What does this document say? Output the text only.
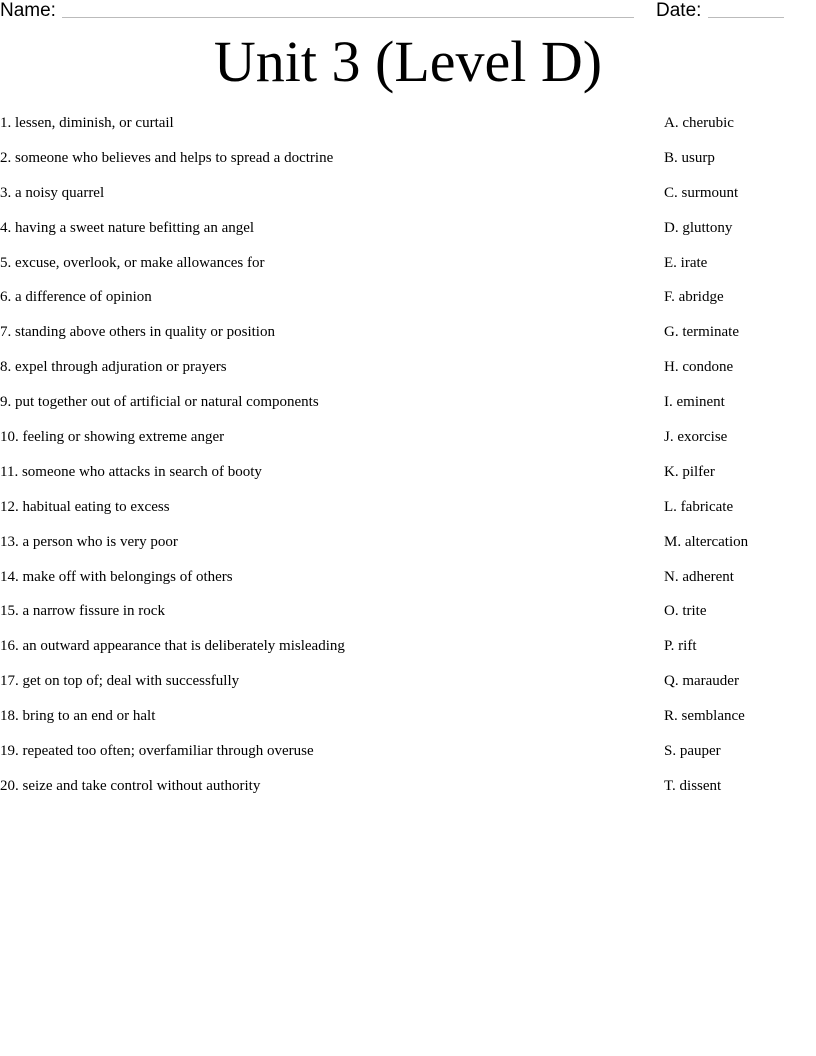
Name:	Date:
Unit 3 (Level D)
1. lessen, diminish, or curtail
2. someone who believes and helps to spread a doctrine
3. a noisy quarrel
4. having a sweet nature befitting an angel
5. excuse, overlook, or make allowances for
6. a difference of opinion
7. standing above others in quality or position
8. expel through adjuration or prayers
9. put together out of artificial or natural components
10. feeling or showing extreme anger
11. someone who attacks in search of booty
12. habitual eating to excess
13. a person who is very poor
14. make off with belongings of others
15. a narrow fissure in rock
16. an outward appearance that is deliberately misleading
17. get on top of; deal with successfully
18. bring to an end or halt
19. repeated too often; overfamiliar through overuse
20. seize and take control without authority
A. cherubic
B. usurp
C. surmount
D. gluttony
E. irate
F. abridge
G. terminate
H. condone
I. eminent
J. exorcise
K. pilfer
L. fabricate
M. altercation
N. adherent
O. trite
P. rift
Q. marauder
R. semblance
S. pauper
T. dissent
